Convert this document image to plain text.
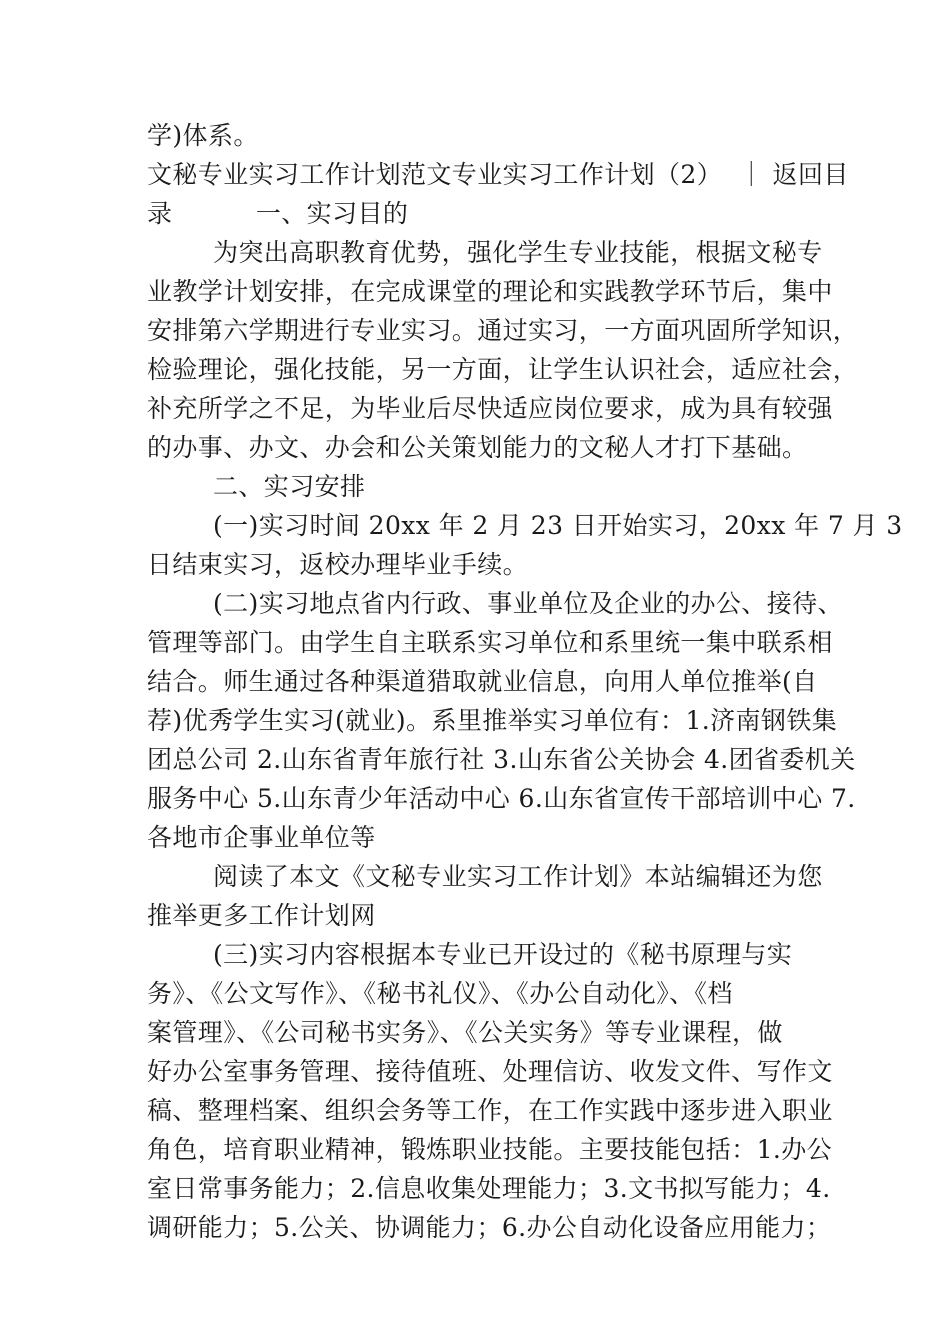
学)体系。
文秘专业实习工作计划范文专业实习工作计划（2）  ｜ 返回目
录          一、实习目的
为突出高职教育优势，强化学生专业技能，根据文秘专
业教学计划安排，在完成课堂的理论和实践教学环节后，集中
安排第六学期进行专业实习。通过实习，一方面巩固所学知识，
检验理论，强化技能，另一方面，让学生认识社会，适应社会，
补充所学之不足，为毕业后尽快适应岗位要求，成为具有较强
的办事、办文、办会和公关策划能力的文秘人才打下基础。
二、实习安排
(一)实习时间 20xx 年 2 月 23 日开始实习，20xx 年 7 月 3
日结束实习，返校办理毕业手续。
(二)实习地点省内行政、事业单位及企业的办公、接待、
管理等部门。由学生自主联系实习单位和系里统一集中联系相
结合。师生通过各种渠道猎取就业信息，向用人单位推举(自
荐)优秀学生实习(就业)。系里推举实习单位有：1.济南钢铁集
团总公司 2.山东省青年旅行社 3.山东省公关协会 4.团省委机关
服务中心 5.山东青少年活动中心 6.山东省宣传干部培训中心 7.
各地市企事业单位等
阅读了本文《文秘专业实习工作计划》本站编辑还为您
推举更多工作计划网
(三)实习内容根据本专业已开设过的《秘书原理与实
务》、《公文写作》、《秘书礼仪》、《办公自动化》、《档
案管理》、《公司秘书实务》、《公关实务》等专业课程，做
好办公室事务管理、接待值班、处理信访、收发文件、写作文
稿、整理档案、组织会务等工作，在工作实践中逐步进入职业
角色，培育职业精神，锻炼职业技能。主要技能包括：1.办公
室日常事务能力；2.信息收集处理能力；3.文书拟写能力；4.
调研能力；5.公关、协调能力；6.办公自动化设备应用能力；
